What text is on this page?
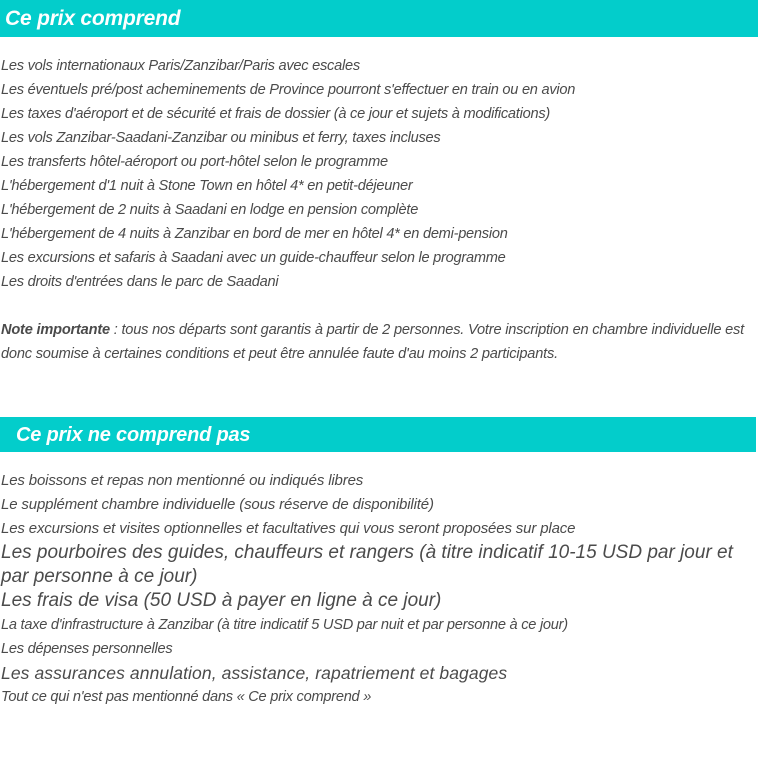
Ce prix comprend
Les vols internationaux Paris/Zanzibar/Paris avec escales
Les éventuels pré/post acheminements de Province pourront s'effectuer en train ou en avion
Les taxes d'aéroport et de sécurité et frais de dossier (à ce jour et sujets à modifications)
Les vols Zanzibar-Saadani-Zanzibar ou minibus et ferry, taxes incluses
Les transferts hôtel-aéroport ou port-hôtel selon le programme
L'hébergement d'1 nuit à Stone Town en hôtel 4* en petit-déjeuner
L'hébergement de 2 nuits à Saadani en lodge en pension complète
L'hébergement de 4 nuits à Zanzibar en bord de mer en hôtel 4* en demi-pension
Les excursions et safaris à Saadani avec un guide-chauffeur selon le programme
Les droits d'entrées dans le parc de Saadani
Note importante : tous nos départs sont garantis à partir de 2 personnes. Votre inscription en chambre individuelle est donc soumise à certaines conditions et peut être annulée faute d'au moins 2 participants.
Ce prix ne comprend pas
Les boissons et repas non mentionné ou indiqués libres
Le supplément chambre individuelle (sous réserve de disponibilité)
Les excursions et visites optionnelles et facultatives qui vous seront proposées sur place
Les pourboires des guides, chauffeurs et rangers (à titre indicatif 10-15 USD par jour et par personne à ce jour)
Les frais de visa (50 USD à payer en ligne à ce jour)
La taxe d'infrastructure à Zanzibar (à titre indicatif 5 USD par nuit et par personne à ce jour)
Les dépenses personnelles
Les assurances annulation, assistance, rapatriement et bagages
Tout ce qui n'est pas mentionné dans « Ce prix comprend »
